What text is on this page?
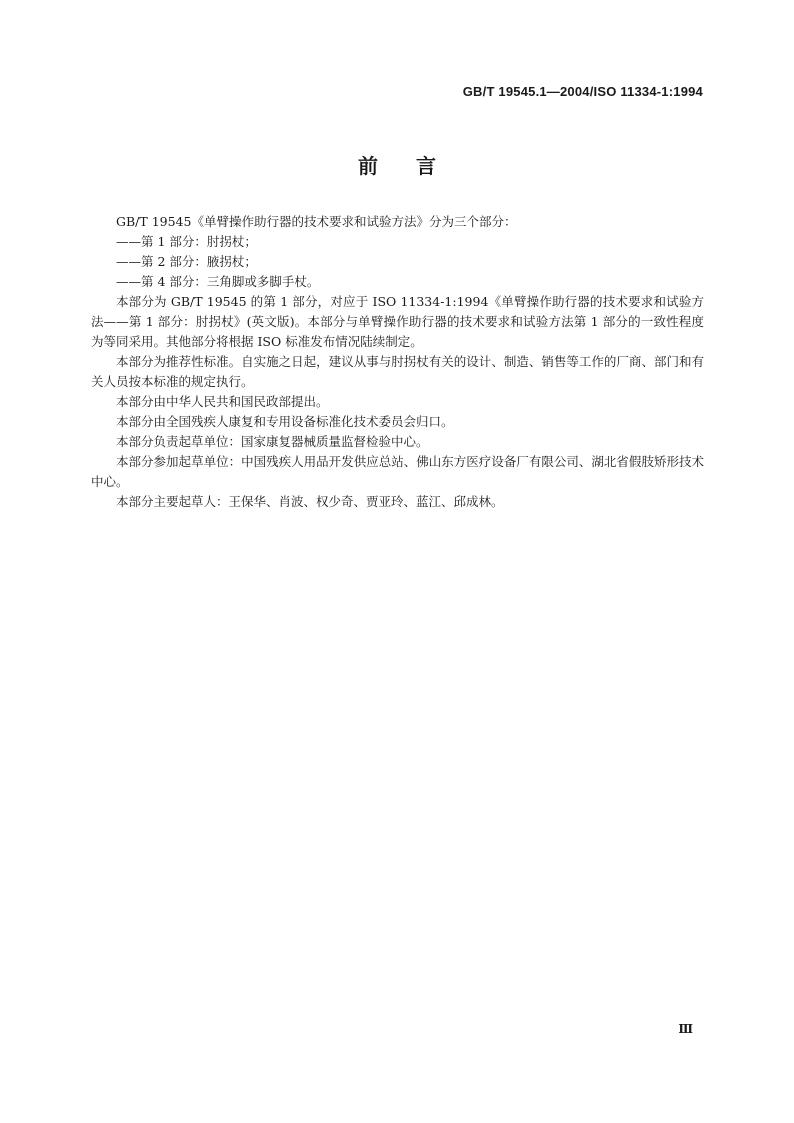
GB/T 19545.1—2004/ISO 11334-1:1994
前言

GB/T 19545《单臂操作助行器的技术要求和试验方法》分为三个部分：

——第 1 部分：肘拐杖；

——第 2 部分：腋拐杖；

——第 4 部分：三角脚或多脚手杖。

本部分为 GB/T 19545 的第 1 部分，对应于 ISO 11334-1:1994《单臂操作助行器的技术要求和试验方法——第 1 部分：肘拐杖》(英文版)。本部分与单臂操作助行器的技术要求和试验方法第 1 部分的一致性程度为等同采用。其他部分将根据 ISO 标准发布情况陆续制定。

本部分为推荐性标准。自实施之日起，建议从事与肘拐杖有关的设计、制造、销售等工作的厂商、部门和有关人员按本标准的规定执行。

本部分由中华人民共和国民政部提出。

本部分由全国残疾人康复和专用设备标准化技术委员会归口。

本部分负责起草单位：国家康复器械质量监督检验中心。

本部分参加起草单位：中国残疾人用品开发供应总站、佛山东方医疗设备厂有限公司、湖北省假肢矫形技术中心。

本部分主要起草人：王保华、肖波、权少奇、贾亚玲、蓝江、邱成林。

Ⅲ
